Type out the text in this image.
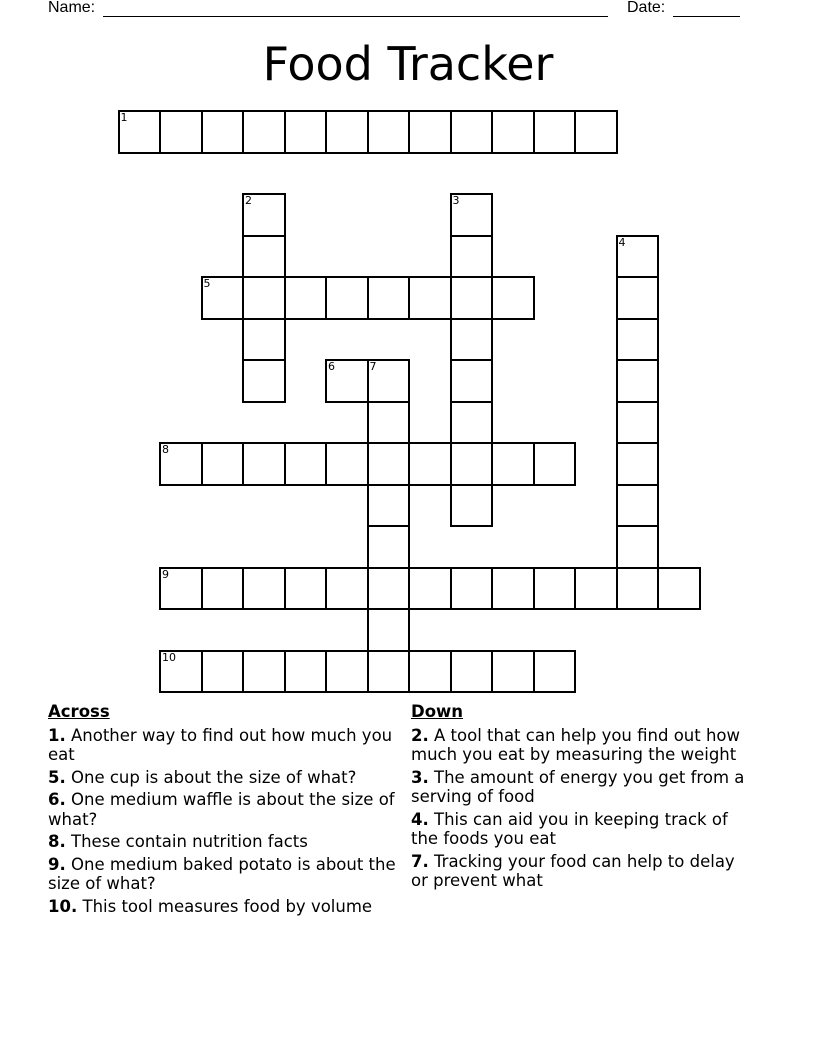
Name:	Date:
Food Tracker
1
2	3
4
5
6	7
8
9
10
Across
1. Another way to find out how much you eat
5. One cup is about the size of what?
6. One medium waffle is about the size of what?
8. These contain nutrition facts
9. One medium baked potato is about the size of what?
10. This tool measures food by volume
Down
2. A tool that can help you find out how much you eat by measuring the weight
3. The amount of energy you get from a serving of food
4. This can aid you in keeping track of the foods you eat
7. Tracking your food can help to delay or prevent what
